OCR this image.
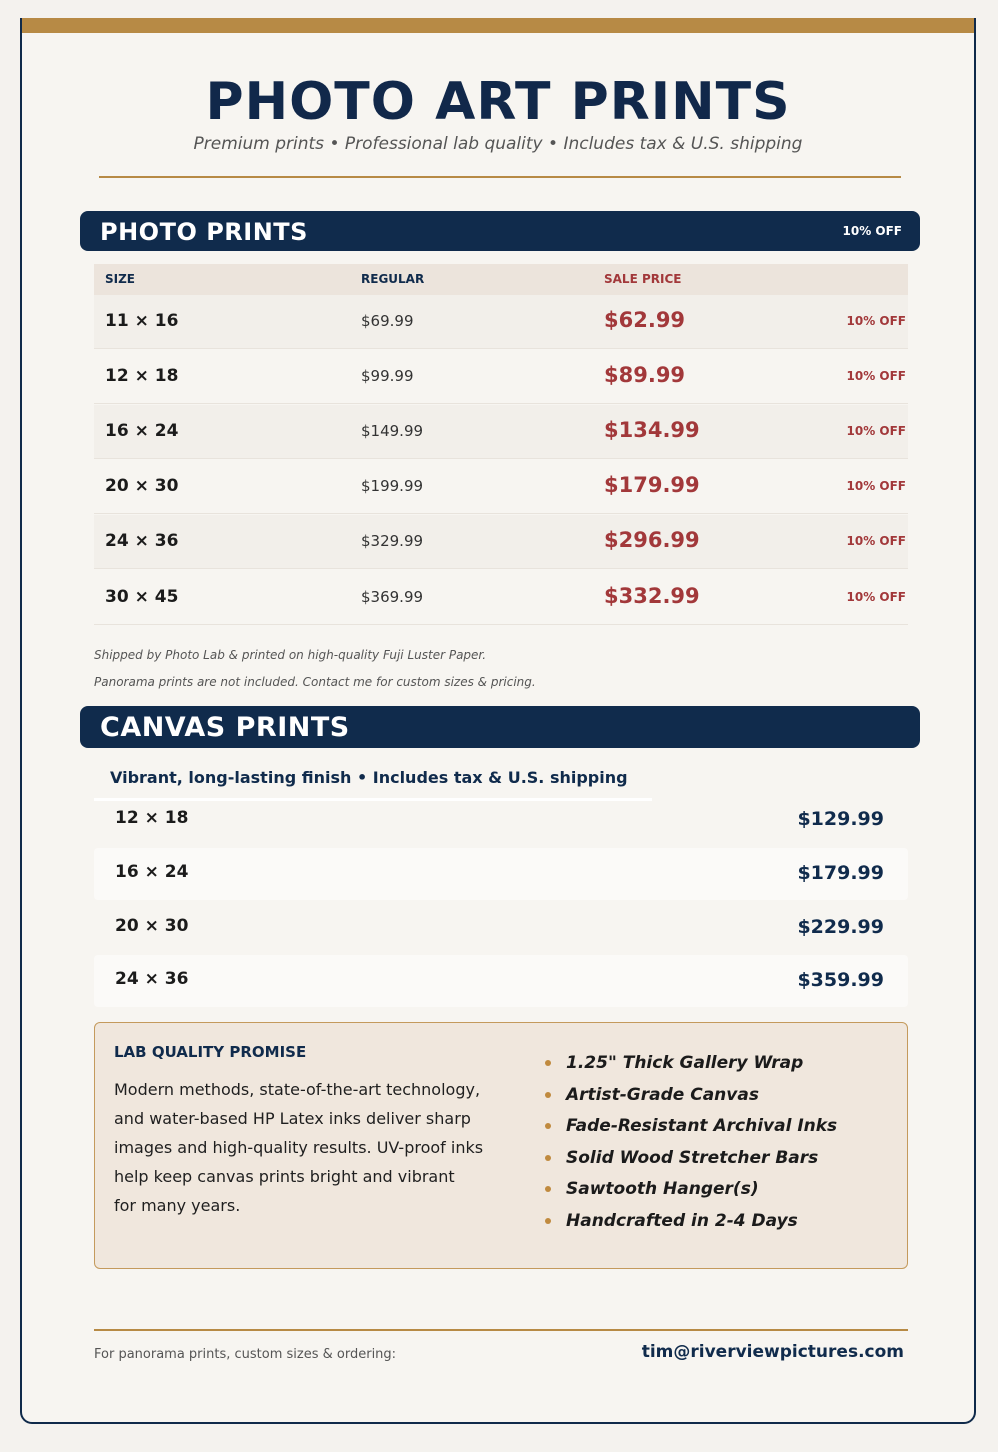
PHOTO ART PRINTS
Premium prints • Professional lab quality • Includes tax & U.S. shipping
PHOTO PRINTS	10% OFF
SIZE	REGULAR	SALE PRICE
11 × 16	$69.99	$62.99	10% OFF
12 × 18	$99.99	$89.99	10% OFF
16 × 24	$149.99	$134.99	10% OFF
20 × 30	$199.99	$179.99	10% OFF
24 × 36	$329.99	$296.99	10% OFF
30 × 45	$369.99	$332.99	10% OFF
Shipped by Photo Lab & printed on high-quality Fuji Luster Paper.
Panorama prints are not included. Contact me for custom sizes & pricing.
CANVAS PRINTS
Vibrant, long-lasting finish • Includes tax & U.S. shipping
12 × 18	$129.99
16 × 24	$179.99
20 × 30	$229.99
24 × 36	$359.99
LAB QUALITY PROMISE
Modern methods, state-of-the-art technology,
and water-based HP Latex inks deliver sharp
images and high-quality results. UV-proof inks
help keep canvas prints bright and vibrant
for many years.
1.25" Thick Gallery Wrap
Artist-Grade Canvas
Fade-Resistant Archival Inks
Solid Wood Stretcher Bars
Sawtooth Hanger(s)
Handcrafted in 2-4 Days
For panorama prints, custom sizes & ordering:	tim@riverviewpictures.com
